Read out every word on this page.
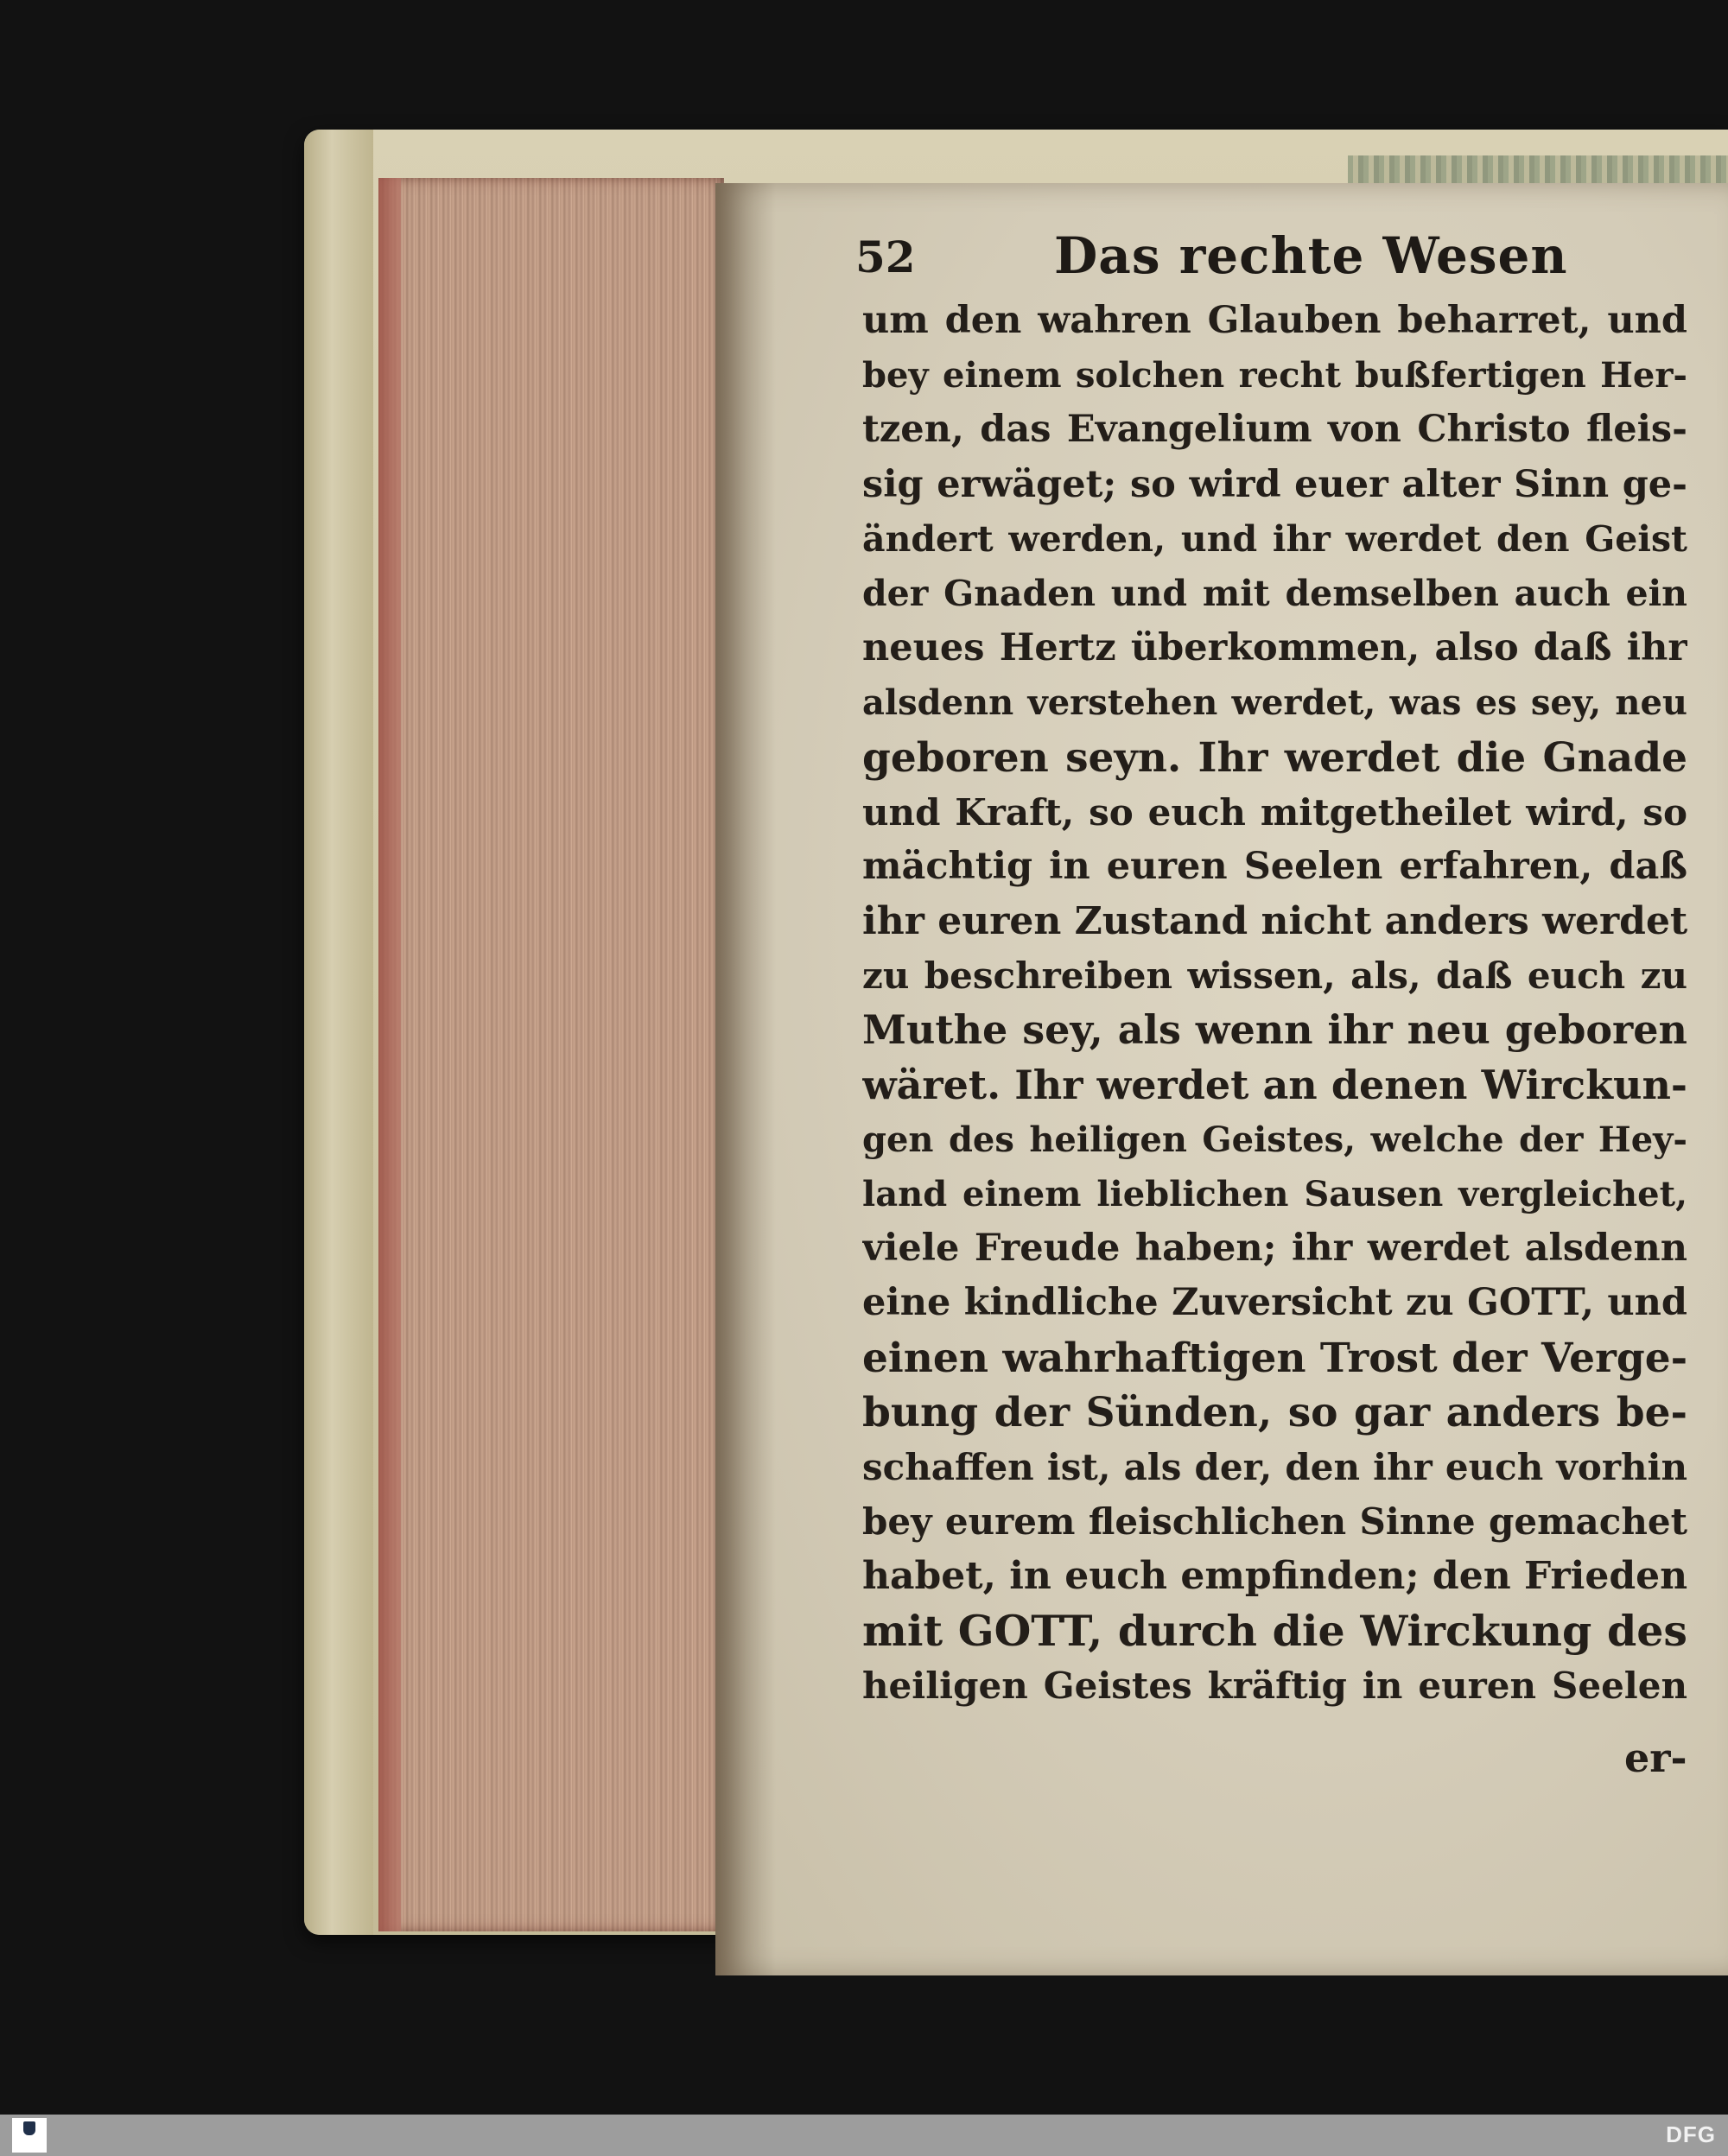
52	Das rechte Wesen
um den wahren Glauben beharret, und
bey einem solchen recht bußfertigen Her-
tzen, das Evangelium von Christo fleis-
sig erwäget; so wird euer alter Sinn ge-
ändert werden, und ihr werdet den Geist
der Gnaden und mit demselben auch ein
neues Hertz überkommen, also daß ihr
alsdenn verstehen werdet, was es sey, neu
geboren seyn. Ihr werdet die Gnade
und Kraft, so euch mitgetheilet wird, so
mächtig in euren Seelen erfahren, daß
ihr euren Zustand nicht anders werdet
zu beschreiben wissen, als, daß euch zu
Muthe sey, als wenn ihr neu geboren
wäret. Ihr werdet an denen Wirckun-
gen des heiligen Geistes, welche der Hey-
land einem lieblichen Sausen vergleichet,
viele Freude haben; ihr werdet alsdenn
eine kindliche Zuversicht zu GOTT, und
einen wahrhaftigen Trost der Verge-
bung der Sünden, so gar anders be-
schaffen ist, als der, den ihr euch vorhin
bey eurem fleischlichen Sinne gemachet
habet, in euch empfinden; den Frieden
mit GOTT, durch die Wirckung des
heiligen Geistes kräftig in euren Seelen
er-
DFG
